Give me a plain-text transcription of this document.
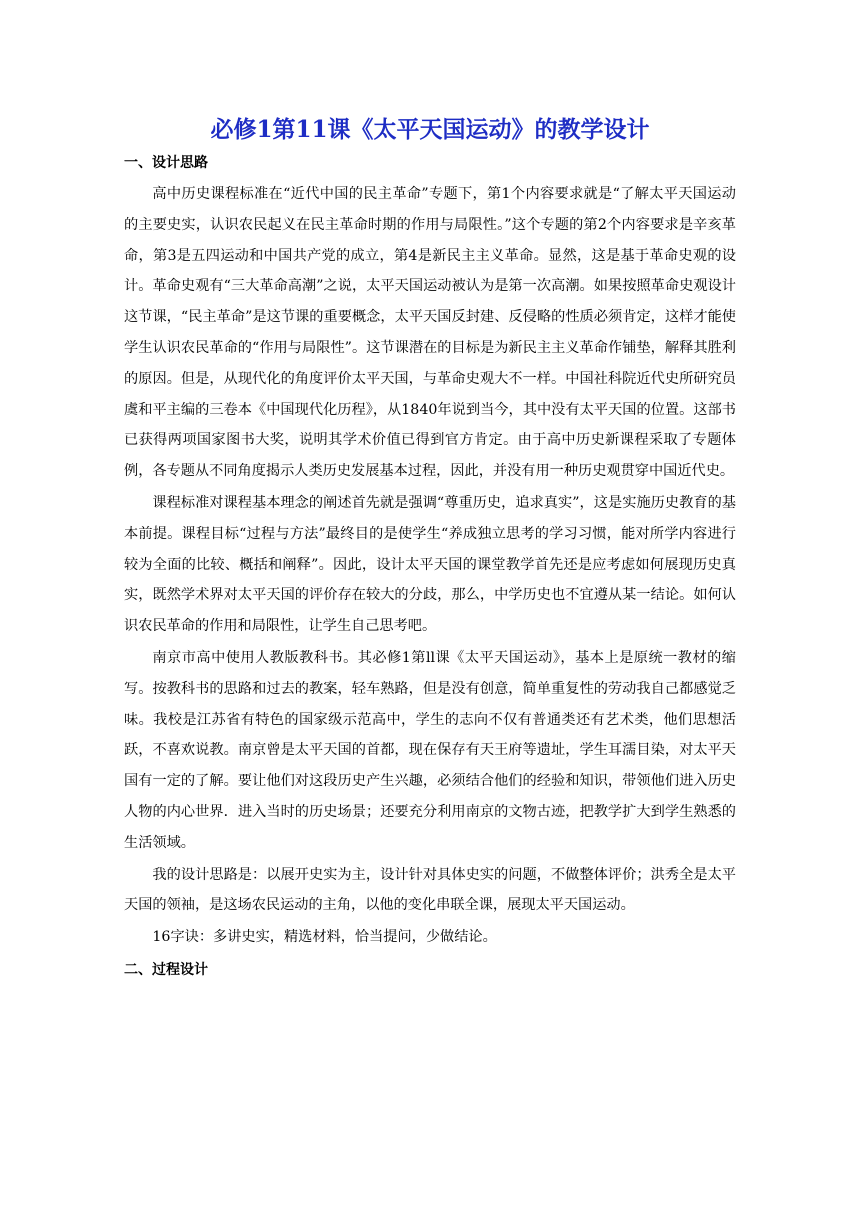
必修1第11课《太平天国运动》的教学设计
一、设计思路

高中历史课程标准在“近代中国的民主革命”专题下，第1个内容要求就是“了解太平天国运动的主要史实，认识农民起义在民主革命时期的作用与局限性。”这个专题的第2个内容要求是辛亥革命，第3是五四运动和中国共产党的成立，第4是新民主主义革命。显然，这是基于革命史观的设计。革命史观有“三大革命高潮”之说，太平天国运动被认为是第一次高潮。如果按照革命史观设计这节课，“民主革命”是这节课的重要概念，太平天国反封建、反侵略的性质必须肯定，这样才能使学生认识农民革命的“作用与局限性”。这节课潜在的目标是为新民主主义革命作铺垫，解释其胜利的原因。但是，从现代化的角度评价太平天国，与革命史观大不一样。中国社科院近代史所研究员虞和平主编的三卷本《中国现代化历程》，从1840年说到当今，其中没有太平天国的位置。这部书已获得两项国家图书大奖，说明其学术价值已得到官方肯定。由于高中历史新课程采取了专题体例，各专题从不同角度揭示人类历史发展基本过程，因此，并没有用一种历史观贯穿中国近代史。

课程标准对课程基本理念的阐述首先就是强调“尊重历史，追求真实”，这是实施历史教育的基本前提。课程目标“过程与方法”最终目的是使学生“养成独立思考的学习习惯，能对所学内容进行较为全面的比较、概括和阐释”。因此，设计太平天国的课堂教学首先还是应考虑如何展现历史真实，既然学术界对太平天国的评价存在较大的分歧，那么，中学历史也不宜遵从某一结论。如何认识农民革命的作用和局限性，让学生自己思考吧。

南京市高中使用人教版教科书。其必修1第ll课《太平天国运动》，基本上是原统一教材的缩写。按教科书的思路和过去的教案，轻车熟路，但是没有创意，简单重复性的劳动我自己都感觉乏味。我校是江苏省有特色的国家级示范高中，学生的志向不仅有普通类还有艺术类，他们思想活跃，不喜欢说教。南京曾是太平天国的首都，现在保存有天王府等遗址，学生耳濡目染，对太平天国有一定的了解。要让他们对这段历史产生兴趣，必须结合他们的经验和知识，带领他们进入历史人物的内心世界．进入当时的历史场景；还要充分利用南京的文物古迹，把教学扩大到学生熟悉的生活领域。

我的设计思路是：以展开史实为主，设计针对具体史实的问题，不做整体评价；洪秀全是太平天国的领袖，是这场农民运动的主角，以他的变化串联全课，展现太平天国运动。

16字诀：多讲史实，精选材料，恰当提问，少做结论。

二、过程设计
